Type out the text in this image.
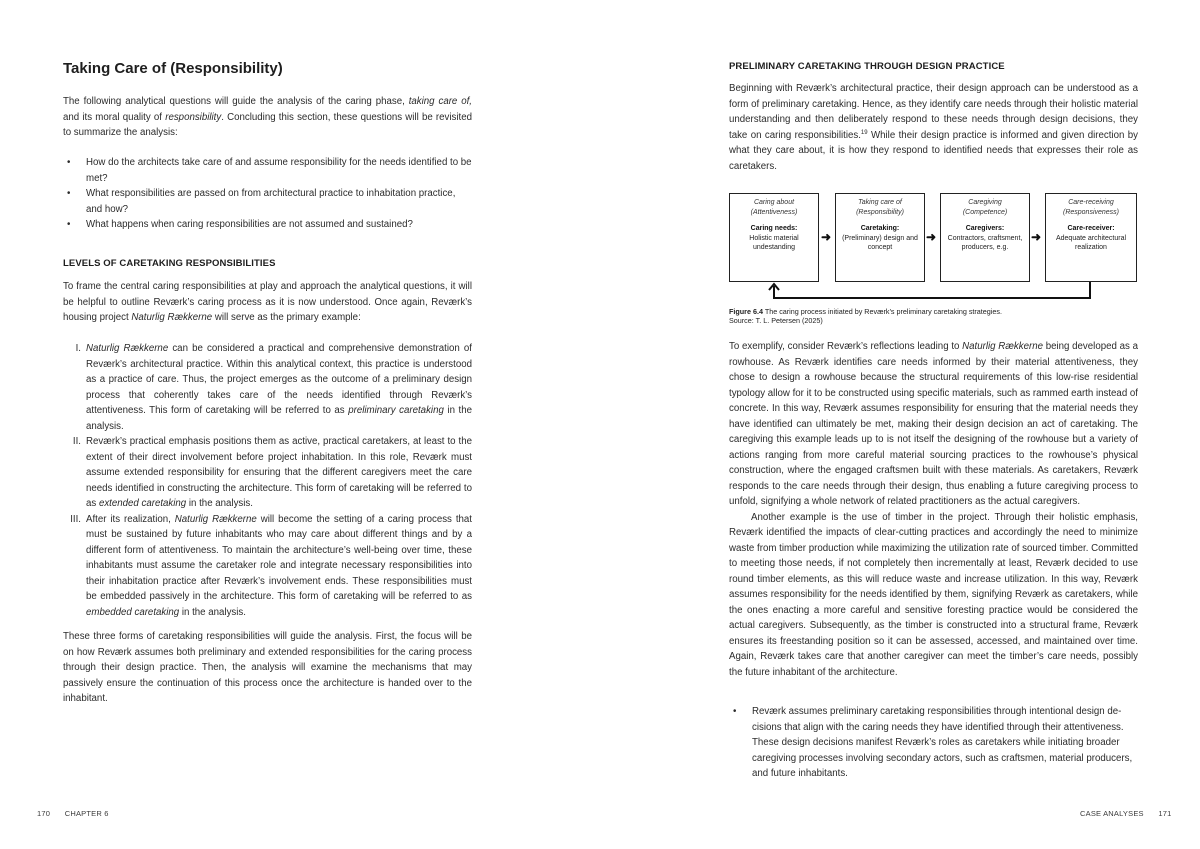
Taking Care of (Responsibility)

The following analytical questions will guide the analysis of the caring phase, taking care of, and its moral quality of responsibility. Concluding this section, these questions will be revisited to summarize the analysis:

• How do the architects take care of and assume responsibility for the needs identified to be met?
• What responsibilities are passed on from architectural practice to inhabitation practice, and how?
• What happens when caring responsibilities are not assumed and sustained?
LEVELS OF CARETAKING RESPONSIBILITIES

To frame the central caring responsibilities at play and approach the analytical questions, it will be helpful to outline Reværk’s caring process as it is now understood. Once again, Reværk’s housing project Naturlig Rækkerne will serve as the primary example:

I. Naturlig Rækkerne can be considered a practical and comprehensive demonstration of Reværk’s architectural practice. Within this analytical context, this practice is understood as a practice of care. Thus, the project emerges as the outcome of a preliminary design process that coherently takes care of the needs identified through Reværk’s attentiveness. This form of caretaking will be referred to as preliminary caretaking in the analysis.
II. Reværk’s practical emphasis positions them as active, practical caretakers, at least to the extent of their direct involvement before project inhabitation. In this role, Reværk must assume extended responsibility for ensuring that the different caregivers meet the care needs identified in constructing the architecture. This form of caretaking will be referred to as extended caretaking in the analysis.
III. After its realization, Naturlig Rækkerne will become the setting of a caring process that must be sustained by future inhabitants who may care about different things and by a different form of attentiveness. To maintain the architecture’s well-being over time, these inhabitants must assume the caretaker role and integrate necessary responsibilities into their inhabitation practice after Reværk’s involvement ends. These responsibilities must be embedded passively in the architecture. This form of caretaking will be referred to as embedded caretaking in the analysis.

These three forms of caretaking responsibilities will guide the analysis. First, the focus will be on how Reværk assumes both preliminary and extended responsibilities for the caring process through their design practice. Then, the analysis will examine the mechanisms that may passively ensure the continuation of this process once the architecture is handed over to the inhabitant.

170 CHAPTER 6
PRELIMINARY CARETAKING THROUGH DESIGN PRACTICE

Beginning with Reværk’s architectural practice, their design approach can be understood as a form of preliminary caretaking. Hence, as they identify care needs through their holistic material understanding and then deliberately respond to these needs through design decisions, they take on caring responsibilities.$^{19}$ While their design practice is informed and given direction by what they care about, it is how they respond to identified needs that expresses their role as caretakers.

Caring about
(Attentiveness)
Caring needs:
Holistic material undestanding
➜
Taking care of
(Responsibility)
Caretaking:
(Preliminary) design and concept
➜
Caregiving
(Competence)
Caregivers:
Contractors, craftsment, producers, e.g.
➜
Care-receiving
(Responsiveness)
Care-receiver:
Adequate architectural realization
Figure 6.4 The caring process initiated by Reværk’s preliminary caretaking strategies.
Source: T. L. Petersen (2025)

To exemplify, consider Reværk’s reflections leading to Naturlig Rækkerne being developed as a rowhouse. As Reværk identifies care needs informed by their material attentiveness, they chose to design a rowhouse because the structural requirements of this low-rise residential typology allow for it to be constructed using specific materials, such as rammed earth instead of concrete. In this way, Reværk assumes responsibility for ensuring that the material needs they have identified can ultimately be met, making their design decision an act of caretaking. The caregiving this example leads up to is not itself the designing of the rowhouse but a variety of actions ranging from more careful material sourcing practices to the rowhouse’s physical construction, where the engaged craftsmen built with these materials. As caretakers, Reværk responds to the care needs through their design, thus enabling a future caregiving process to unfold, signifying a whole network of related practitioners as the actual caregivers.

Another example is the use of timber in the project. Through their holistic emphasis, Reværk identified the impacts of clear-cutting practices and accordingly the need to minimize waste from timber production while maximizing the utilization rate of sourced timber. Committed to meeting those needs, if not completely then incrementally at least, Reværk decided to use round timber elements, as this will reduce waste and increase utilization. In this way, Reværk assumes responsibility for the needs identified by them, signifying Reværk as caretakers, while the ones enacting a more careful and sensitive foresting practice would be considered the actual caregivers. Subsequently, as the timber is constructed into a structural frame, Reværk ensures its freestanding position so it can be assessed, accessed, and maintained over time. Again, Reværk takes care that another caregiver can meet the timber’s care needs, possibly the future inhabitant of the architecture.

• Reværk assumes preliminary caretaking responsibilities through intentional design decisions that align with the caring needs they have identified through their attentiveness. These design decisions manifest Reværk’s roles as caretakers while initiating broader caregiving processes involving secondary actors, such as craftsmen, material producers, and future inhabitants.
CASE ANALYSES 171
